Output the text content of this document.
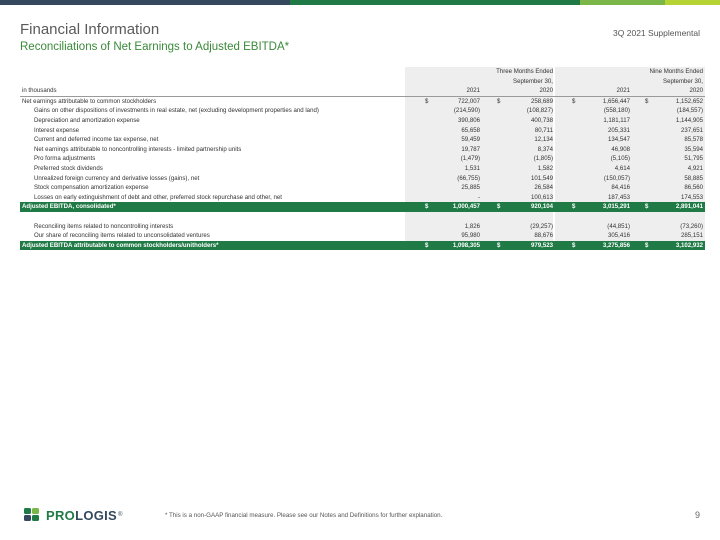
Financial Information
Reconciliations of Net Earnings to Adjusted EBITDA*
3Q 2021 Supplemental
Three Months Ended	Nine Months Ended
September 30,	September 30,
in thousands	2021	2020	2021	2020
Net earnings attributable to common stockholders	$	722,007	$	258,689	$	1,656,447 $	1,152,652
Gains on other dispositions of investments in real estate, net (excluding development properties and land)	(214,590)	(108,827)	(558,180)	(184,557)
Depreciation and amortization expense	390,806	400,738	1,181,117	1,144,905
Interest expense	65,658	80,711	205,331	237,651
Current and deferred income tax expense, net	59,459	12,134	134,547	85,578
Net earnings attributable to noncontrolling interests - limited partnership units	19,787	8,374	46,908	35,594
Pro forma adjustments	(1,479)	(1,805)	(5,105)	51,795
Preferred stock dividends	1,531	1,582	4,614	4,921
Unrealized foreign currency and derivative losses (gains), net	(66,755)	101,549	(150,057)	58,885
Stock compensation amortization expense	25,885	26,584	84,416	86,560
Losses on early extinguishment of debt and other, preferred stock repurchase and other, net	-	100,613	187,453	174,553
Adjusted EBITDA, consolidated*	$	1,000,457	$	920,104	$	3,015,291 $	2,891,041
Reconciling items related to noncontrolling interests	1,826	(29,257)	(44,851)	(73,260)
Our share of reconciling items related to unconsolidated ventures	95,980	88,676	305,416	285,151
Adjusted EBITDA attributable to common stockholders/unitholders*	$	1,098,305	$	979,523	$	3,275,856 $	3,102,932
PRO LOGIS ®	* This is a non-GAAP financial measure. Please see our Notes and Definitions for further explanation.	9
